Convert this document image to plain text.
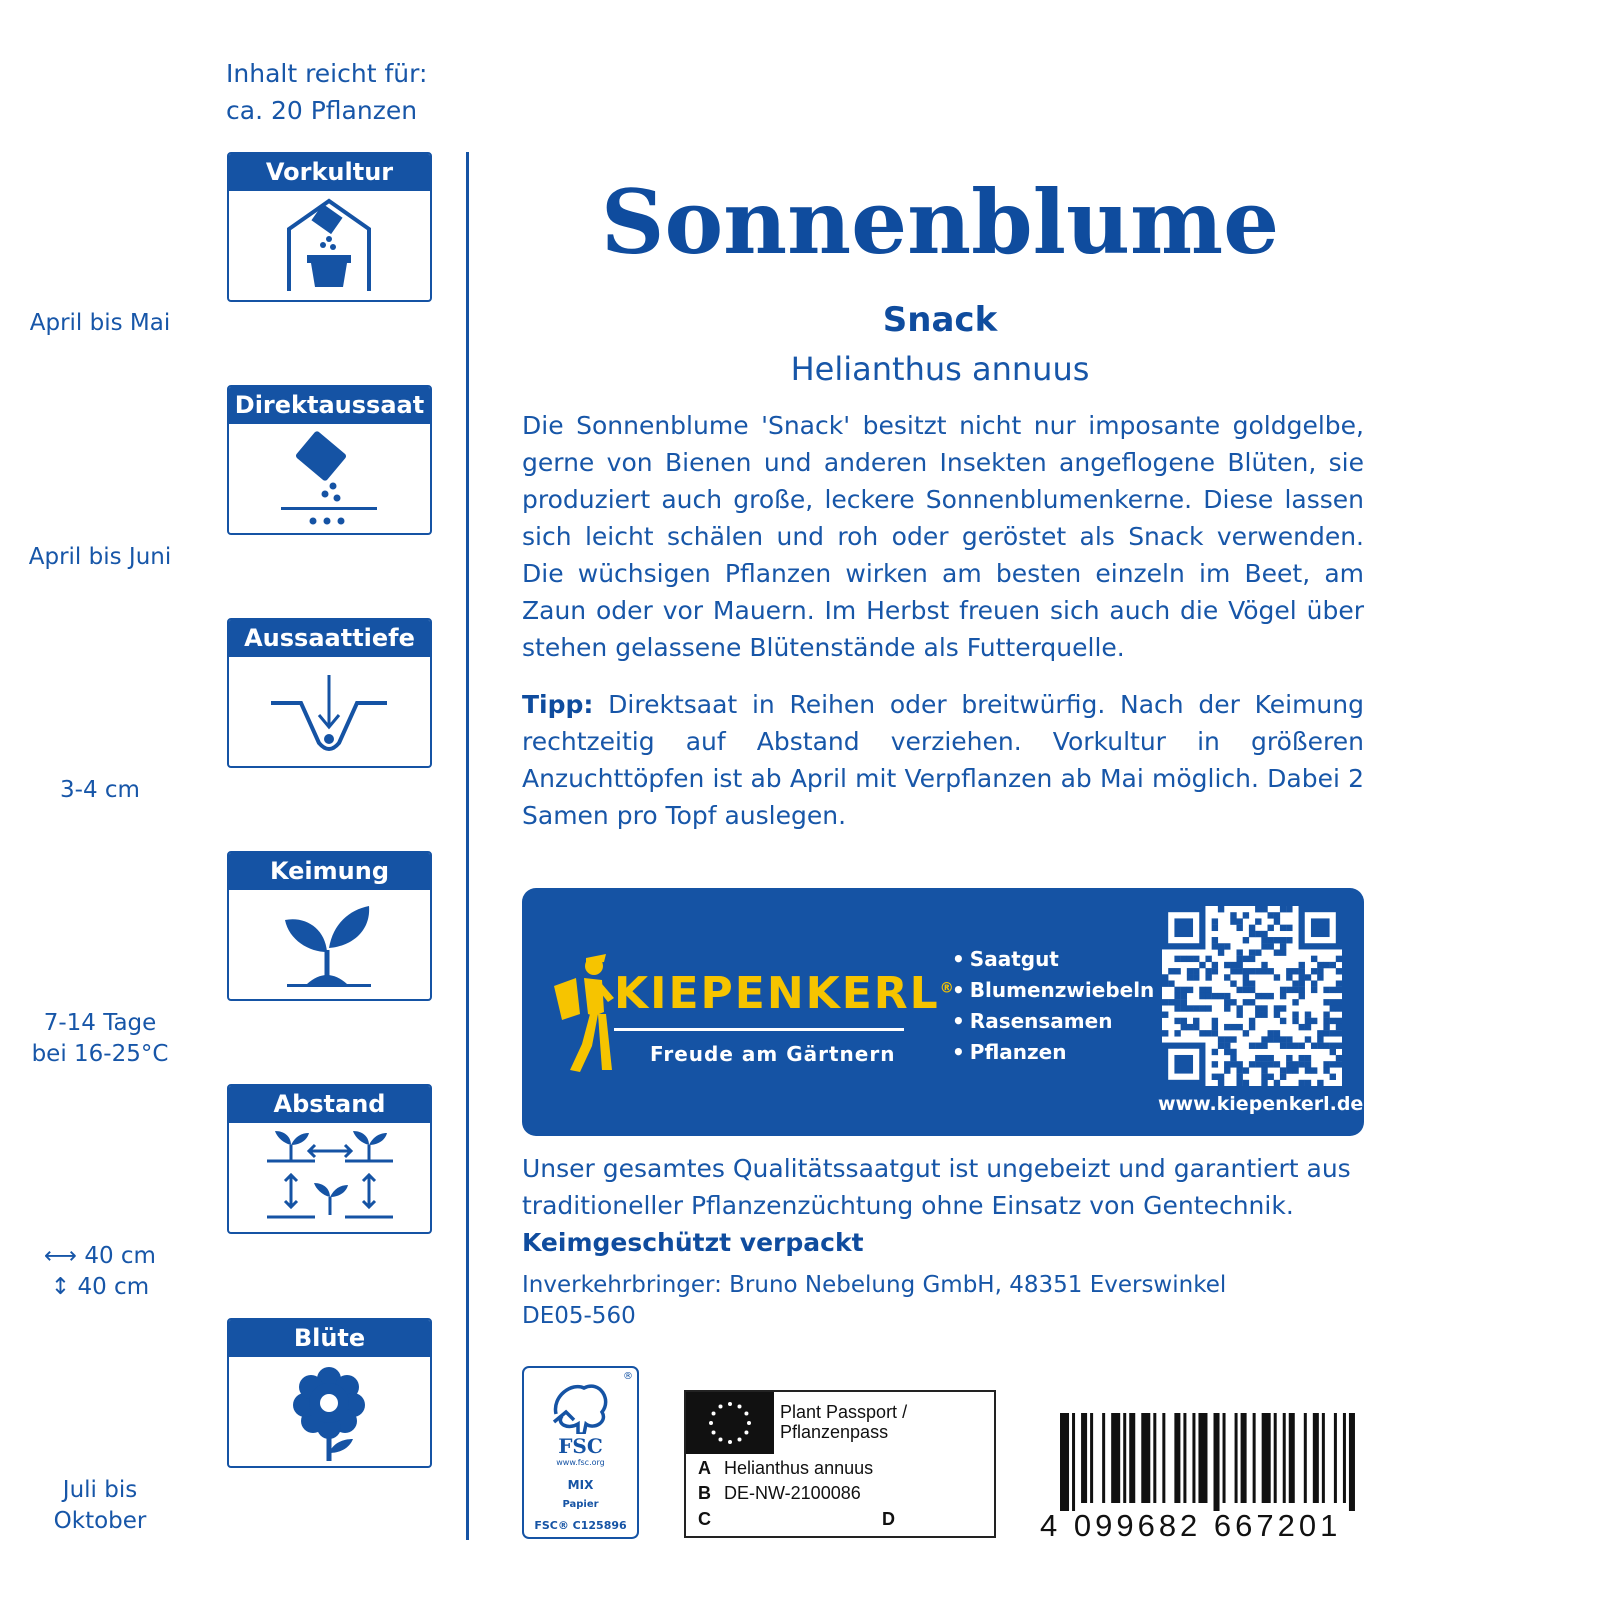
Inhalt reicht für:
ca. 20 Pflanzen
Vorkultur
April bis Mai
Direktaussaat
April bis Juni
Aussaattiefe
3-4 cm
Keimung
7-14 Tage
bei 16-25°C
Abstand
⟷ 40 cm
↕ 40 cm
Blüte
Juli bis
Oktober
Sonnenblume
Snack
Helianthus annuus
Die Sonnenblume 'Snack' besitzt nicht nur imposante goldgelbe, gerne von Bienen und anderen Insekten angeflogene Blüten, sie produziert auch große, leckere Sonnenblumenkerne. Diese lassen sich leicht schälen und roh oder geröstet als Snack verwenden. Die wüchsigen Pflanzen wirken am besten einzeln im Beet, am Zaun oder vor Mauern. Im Herbst freuen sich auch die Vögel über stehen gelassene Blütenstände als Futterquelle.
Tipp: Direktsaat in Reihen oder breitwürfig. Nach der Keimung rechtzeitig auf Abstand verziehen. Vorkultur in größeren Anzuchttöpfen ist ab April mit Verpflanzen ab Mai möglich. Dabei 2 Samen pro Topf auslegen.
KIEPENKERL®
Freude am Gärtnern
• Saatgut
• Blumenzwiebeln
• Rasensamen
• Pflanzen
www.kiepenkerl.de
Unser gesamtes Qualitätssaatgut ist ungebeizt und garantiert aus traditioneller Pflanzenzüchtung ohne Einsatz von Gentechnik.
Keimgeschützt verpackt
Inverkehrbringer: Bruno Nebelung GmbH, 48351 Everswinkel
DE05-560
®
FSC
www.fsc.org
MIX
Papier
FSC® C125896
Plant Passport /
Pflanzenpass
A Helianthus annuus
B DE-NW-2100086
C	D	4 099682 667201
